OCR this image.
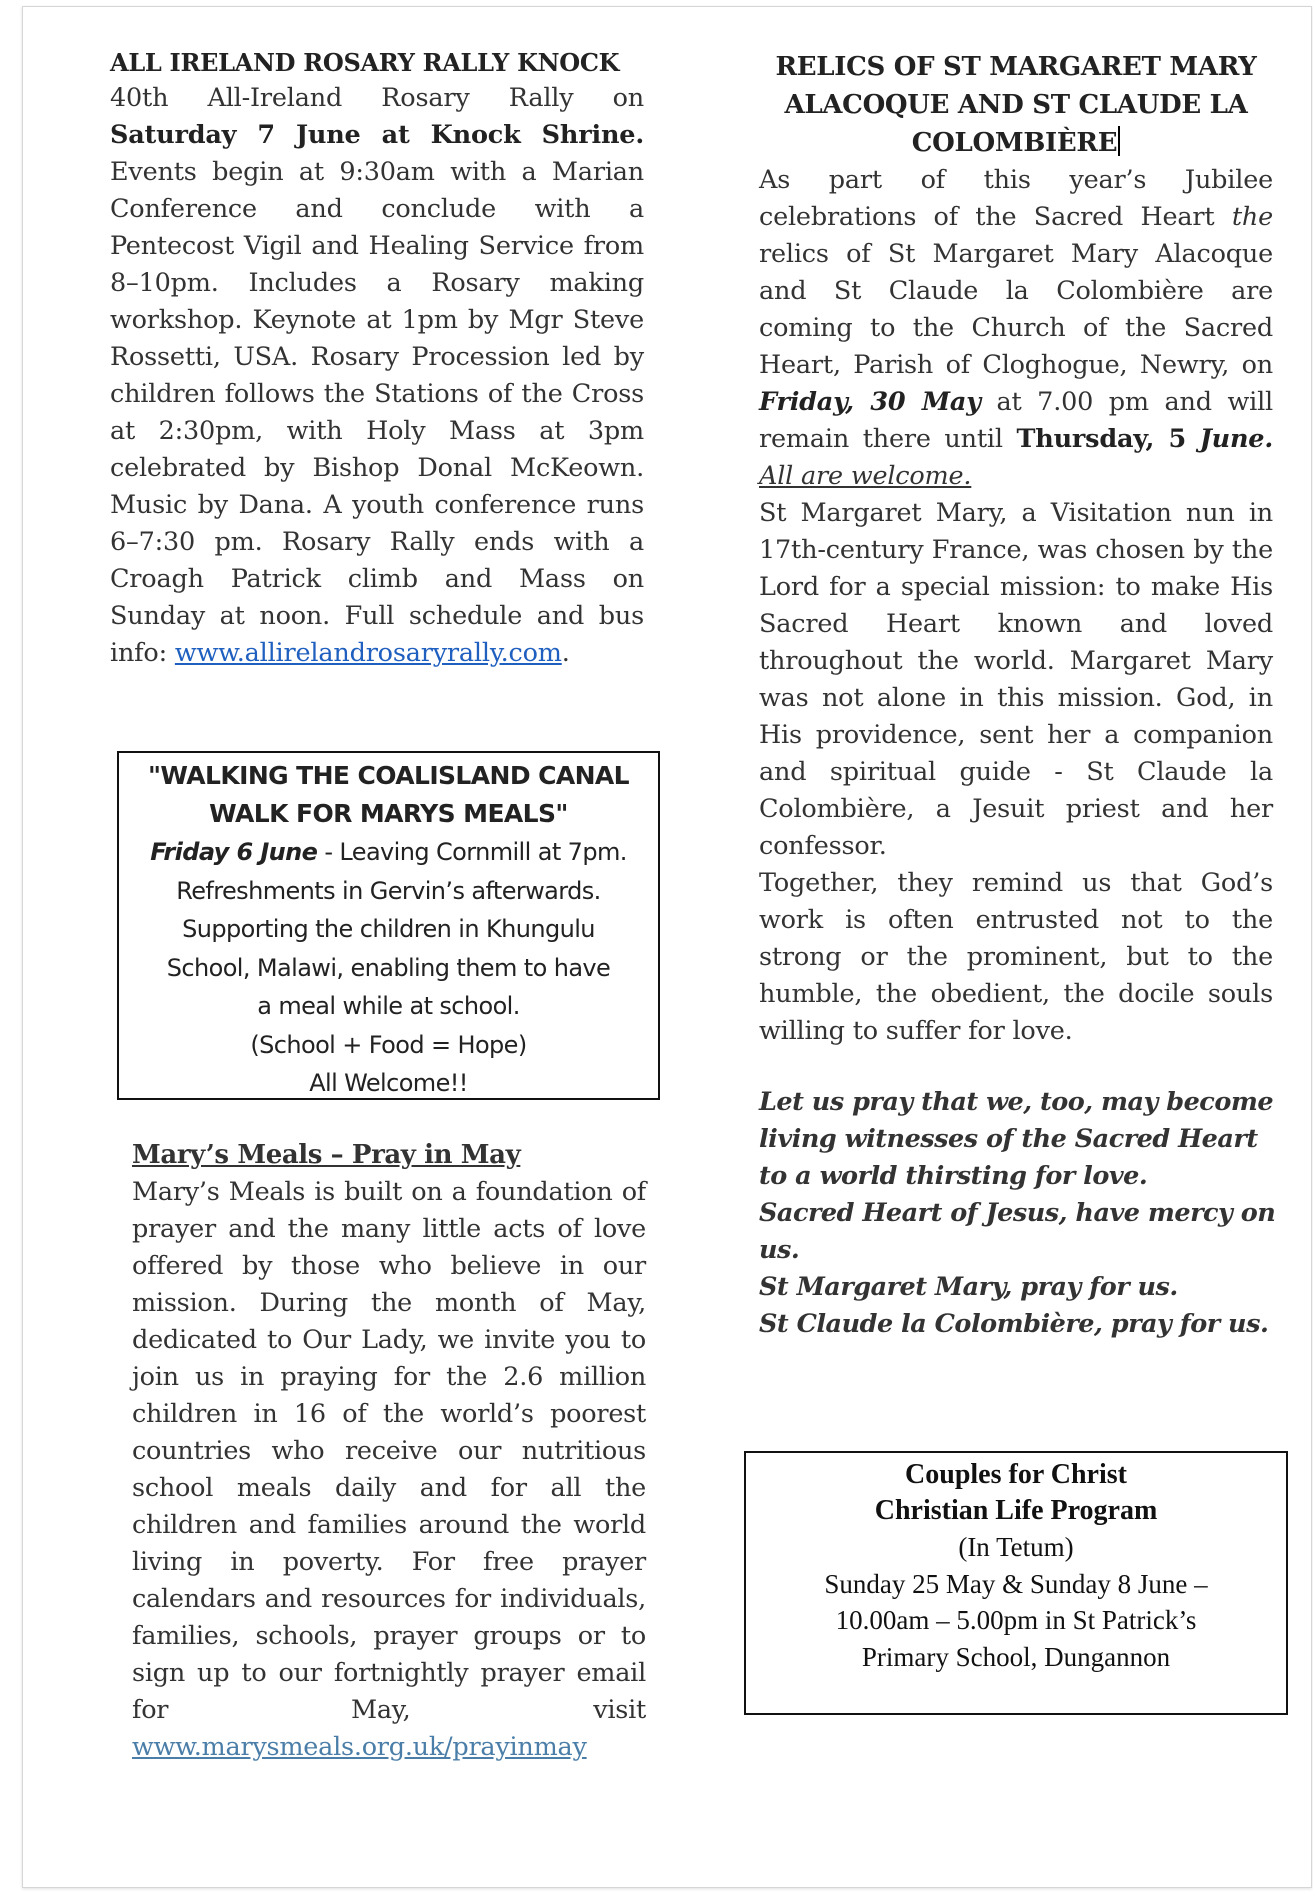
ALL IRELAND ROSARY RALLY KNOCK

40th All-Ireland Rosary Rally on Saturday 7 June at Knock Shrine. Events begin at 9:30am with a Marian Conference and conclude with a Pentecost Vigil and Healing Service from 8–10pm. Includes a Rosary making workshop. Keynote at 1pm by Mgr Steve Rossetti, USA. Rosary Procession led by children follows the Stations of the Cross at 2:30pm, with Holy Mass at 3pm celebrated by Bishop Donal McKeown. Music by Dana. A youth conference runs 6–7:30 pm. Rosary Rally ends with a Croagh Patrick climb and Mass on Sunday at noon. Full schedule and bus info: www.allirelandrosaryrally.com.

"WALKING THE COALISLAND CANAL

WALK FOR MARYS MEALS"

Friday 6 June - Leaving Cornmill at 7pm.

Refreshments in Gervin’s afterwards.

Supporting the children in Khungulu

School, Malawi, enabling them to have

a meal while at school.

(School + Food = Hope)

All Welcome!!

Mary’s Meals – Pray in May

Mary’s Meals is built on a foundation of prayer and the many little acts of love offered by those who believe in our mission. During the month of May, dedicated to Our Lady, we invite you to join us in praying for the 2.6 million children in 16 of the world’s poorest countries who receive our nutritious school meals daily and for all the children and families around the world living in poverty. For free prayer calendars and resources for individuals, families, schools, prayer groups or to sign up to our fortnightly prayer email for May, visit www.marysmeals.org.uk/prayinmay

RELICS OF ST MARGARET MARY

ALACOQUE AND ST CLAUDE LA

COLOMBIÈRE

As part of this year’s Jubilee celebrations of the Sacred Heart the relics of St Margaret Mary Alacoque and St Claude la Colombière are coming to the Church of the Sacred Heart, Parish of Cloghogue, Newry, on Friday, 30 May at 7.00 pm and will remain there until Thursday, 5 June. All are welcome.

St Margaret Mary, a Visitation nun in 17th-century France, was chosen by the Lord for a special mission: to make His Sacred Heart known and loved throughout the world. Margaret Mary was not alone in this mission. God, in His providence, sent her a companion and spiritual guide - St Claude la Colombière, a Jesuit priest and her confessor.

Together, they remind us that God’s work is often entrusted not to the strong or the prominent, but to the humble, the obedient, the docile souls willing to suffer for love.

Let us pray that we, too, may become living witnesses of the Sacred Heart to a world thirsting for love.

Sacred Heart of Jesus, have mercy on us.

St Margaret Mary, pray for us.

St Claude la Colombière, pray for us.

Couples for Christ

Christian Life Program

(In Tetum)

Sunday 25 May & Sunday 8 June –

10.00am – 5.00pm in St Patrick’s

Primary School, Dungannon
